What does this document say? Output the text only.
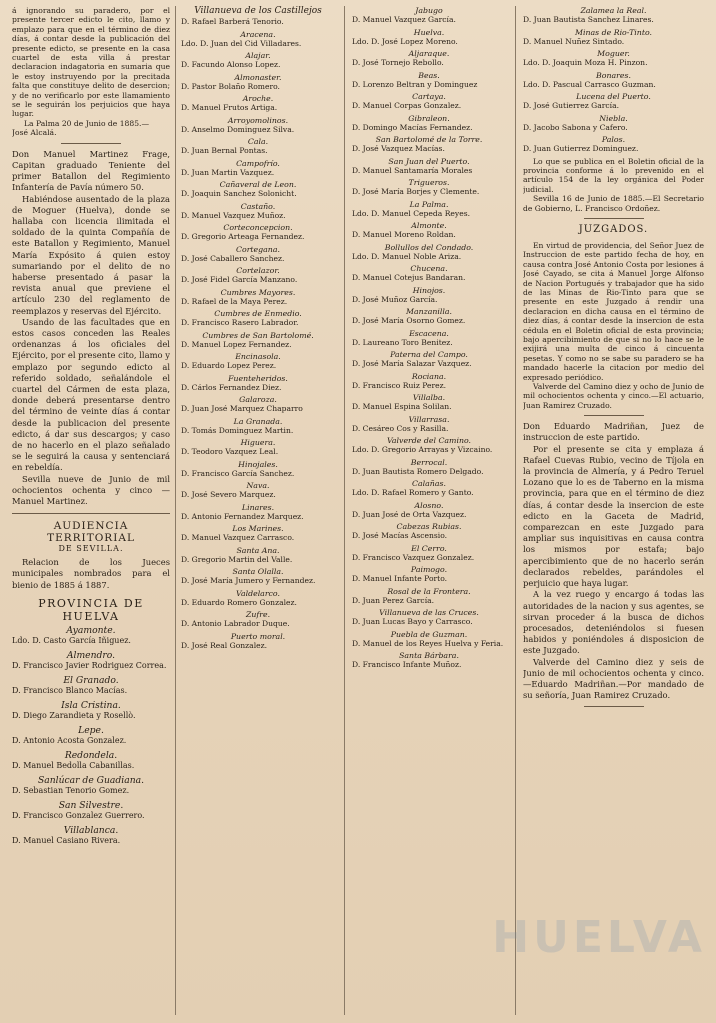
á ignorando su paradero, por el presente tercer edicto le cito, llamo y emplazo para que en el término de diez días, á contar desde la publicación del presente edicto, se presente en la casa cuartel de esta villa á prestar declaracion indagatoria en sumaria que le estoy instruyendo por la precitada falta que constituye delito de desercion; y de no verificarlo por este llamamiento se le seguirán los perjuicios que haya lugar.

La Palma 20 de Junio de 1885.—

José Alcalá.

Don Manuel Martinez Frage, Capitan graduado Teniente del primer Batallon del Regimiento Infantería de Pavía número 50.

Habiéndose ausentado de la plaza de Moguer (Huelva), donde se hallaba con licencia ilimitada el soldado de la quinta Compañía de este Batallon y Regimiento, Manuel María Expósito á quien estoy sumariando por el delito de no haberse presentado á pasar la revista anual que previene el artículo 230 del reglamento de reemplazos y reservas del Ejército.

Usando de las facultades que en estos casos conceden las Reales ordenanzas á los oficiales del Ejército, por el presente cito, llamo y emplazo por segundo edicto al referido soldado, señalándole el cuartel del Cármen de esta plaza, donde deberá presentarse dentro del término de veinte días á contar desde la publicacion del presente edicto, á dar sus descargos; y caso de no hacerlo en el plazo señalado se le seguirá la causa y sentenciará en rebeldía.

Sevilla nueve de Junio de mil ochocientos ochenta y cinco — Manuel Martinez.

AUDIENCIA TERRITORIAL

DE SEVILLA.

Relacion de los Jueces municipales nombrados para el bienio de 1885 á 1887.

PROVINCIA DE HUELVA

Ayamonte.

Ldo. D. Casto García Iñiguez.

Almendro.

D. Francisco Javier Rodriguez Correa.

El Granado.

D. Francisco Blanco Macías.

Isla Cristina.

D. Diego Zarandieta y Rosellò.

Lepe.

D. Antonio Acosta Gonzalez.

Redondela.

D. Manuel Bedolla Cabanillas.

Sanlúcar de Guadiana.

D. Sebastian Tenorio Gomez.

San Silvestre.

D. Francisco Gonzalez Guerrero.

Villablanca.

D. Manuel Casiano Rivera.

Villanueva de los Castillejos

D. Rafael Barberá Tenorio.

Aracena.

Ldo. D. Juan del Cid Villadares.

Alajar.

D. Facundo Alonso Lopez.

Almonaster.

D. Pastor Bolaño Romero.

Aroche.

D. Manuel Frutos Artiga.

Arroyomolinos.

D. Anselmo Dominguez Silva.

Cala.

D. Juan Bernal Pontas.

Campofrío.

D. Juan Martin Vazquez.

Cañaveral de Leon.

D. Joaquin Sanchez Solonicht.

Castaño.

D. Manuel Vazquez Muñoz.

Corteconcepcion.

D. Gregorio Arteaga Fernandez.

Cortegana.

D. José Caballero Sanchez.

Cortelazor.

D. José Fidel García Manzano.

Cumbres Mayores.

D. Rafael de la Maya Perez.

Cumbres de Enmedio.

D. Francisco Rasero Labrador.

Cumbres de San Bartolomé.

D. Manuel Lopez Fernandez.

Encinasola.

D. Eduardo Lopez Perez.

Fuenteheridos.

D. Cárlos Fernandez Diez.

Galaroza.

D. Juan José Marquez Chaparro

La Granada.

D. Tomás Dominguez Martin.

Higuera.

D. Teodoro Vazquez Leal.

Hinojales.

D. Francisco García Sanchez.

Nava.

D. José Severo Marquez.

Linares.

D. Antonio Fernandez Marquez.

Los Marines.

D. Manuel Vazquez Carrasco.

Santa Ana.

D. Gregorio Martin del Valle.

Santa Olalla.

D. José María Jumero y Fernandez.

Valdelarco.

D. Eduardo Romero Gonzalez.

Zufre.

D. Antonio Labrador Duque.

Puerto moral.

D. José Real Gonzalez.

Jabugo

D. Manuel Vazquez García.

Huelva.

Ldo. D. José Lopez Moreno.

Aljaraque.

D. José Tornejo Rebollo.

Beas.

D. Lorenzo Beltran y Dominguez

Cartaya.

D. Manuel Corpas Gonzalez.

Gibraleon.

D. Domingo Macías Fernandez.

San Bartolomé de la Torre.

D. José Vazquez Macías.

San Juan del Puerto.

D. Manuel Santamaría Morales

Trigueros.

D. José María Borjes y Clemente.

La Palma.

Ldo. D. Manuel Cepeda Reyes.

Almonte.

D. Manuel Moreno Roldan.

Bollullos del Condado.

Ldo. D. Manuel Noble Ariza.

Chucena.

D. Manuel Cotejus Bandaran.

Hinojos.

D. José Muñoz García.

Manzanilla.

D. José María Osorno Gomez.

Escacena.

D. Laureano Toro Benitez.

Paterna del Campo.

D. José María Salazar Vazquez.

Rociana.

D. Francisco Ruiz Perez.

Villalba.

D. Manuel Espina Solilan.

Villarrasa.

D. Cesáreo Cos y Rasilla.

Valverde del Camino.

Ldo. D. Gregorio Arrayas y Vizcaino.

Berrocal.

D. Juan Bautista Romero Delgado.

Calañas.

Ldo. D. Rafael Romero y Ganto.

Alosno.

D. Juan José de Orta Vazquez.

Cabezas Rubias.

D. José Macías Ascensio.

El Cerro.

D. Francisco Vazquez Gonzalez.

Paimogo.

D. Manuel Infante Porto.

Rosal de la Frontera.

D. Juan Perez García.

Villanueva de las Cruces.

D. Juan Lucas Bayo y Carrasco.

Puebla de Guzman.

D. Manuel de los Reyes Huelva y Feria.

Santa Bárbara.

D. Francisco Infante Muñoz.

Zalamea la Real.

D. Juan Bautista Sanchez Linares.

Minas de Rio-Tinto.

D. Manuel Nuñez Sintado.

Moguer.

Ldo. D. Joaquin Moza H. Pinzon.

Bonares.

Ldo. D. Pascual Carrasco Guzman.

Lucena del Puerto.

D. José Gutierrez García.

Niebla.

D. Jacobo Sabona y Cafero.

Palos.

D. Juan Gutierrez Dominguez.

Lo que se publica en el Boletin oficial de la provincia conforme á lo prevenido en el artículo 154 de la ley orgánica del Poder judicial.

Sevilla 16 de Junio de 1885.—El Secretario de Gobierno, L. Francisco Ordoñez.

JUZGADOS.

En virtud de providencia, del Señor Juez de Instruccion de este partido fecha de hoy, en causa contra José Antonio Costa por lesiones á José Cayado, se cita á Manuel Jorge Alfonso de Nacion Portugués y trabajador que ha sido de las Minas de Rio-Tinto para que se presente en este Juzgado á rendir una declaracion en dicha causa en el término de diez días, á contar desde la insercion de esta cédula en el Boletin oficial de esta provincia; bajo apercibimiento de que si no lo hace se le exijirá una multa de cinco á cincuenta pesetas. Y como no se sabe su paradero se ha mandado hacerle la citacion por medio del expresado periódico.

Valverde del Camino diez y ocho de Junio de mil ochocientos ochenta y cinco.—El actuario, Juan Ramirez Cruzado.

Don Eduardo Madriñan, Juez de instruccion de este partido.

Por el presente se cita y emplaza á Rafael Cuevas Rubio, vecino de Tíjola en la provincia de Almería, y á Pedro Teruel Lozano que lo es de Taberno en la misma provincia, para que en el término de diez días, á contar desde la insercion de este edicto en la Gaceta de Madrid, comparezcan en este Juzgado para ampliar sus inquisitivas en causa contra los mismos por estafa; bajo apercibimiento que de no hacerlo serán declarados rebeldes, parándoles el perjuicio que haya lugar.

A la vez ruego y encargo á todas las autoridades de la nacion y sus agentes, se sirvan proceder á la busca de dichos procesados, deteniéndolos si fuesen habidos y poniéndoles á disposicion de este Juzgado.

Valverde del Camino diez y seis de Junio de mil ochocientos ochenta y cinco.—Eduardo Madriñan.—Por mandado de su señoría, Juan Ramirez Cruzado.

HUELVA
